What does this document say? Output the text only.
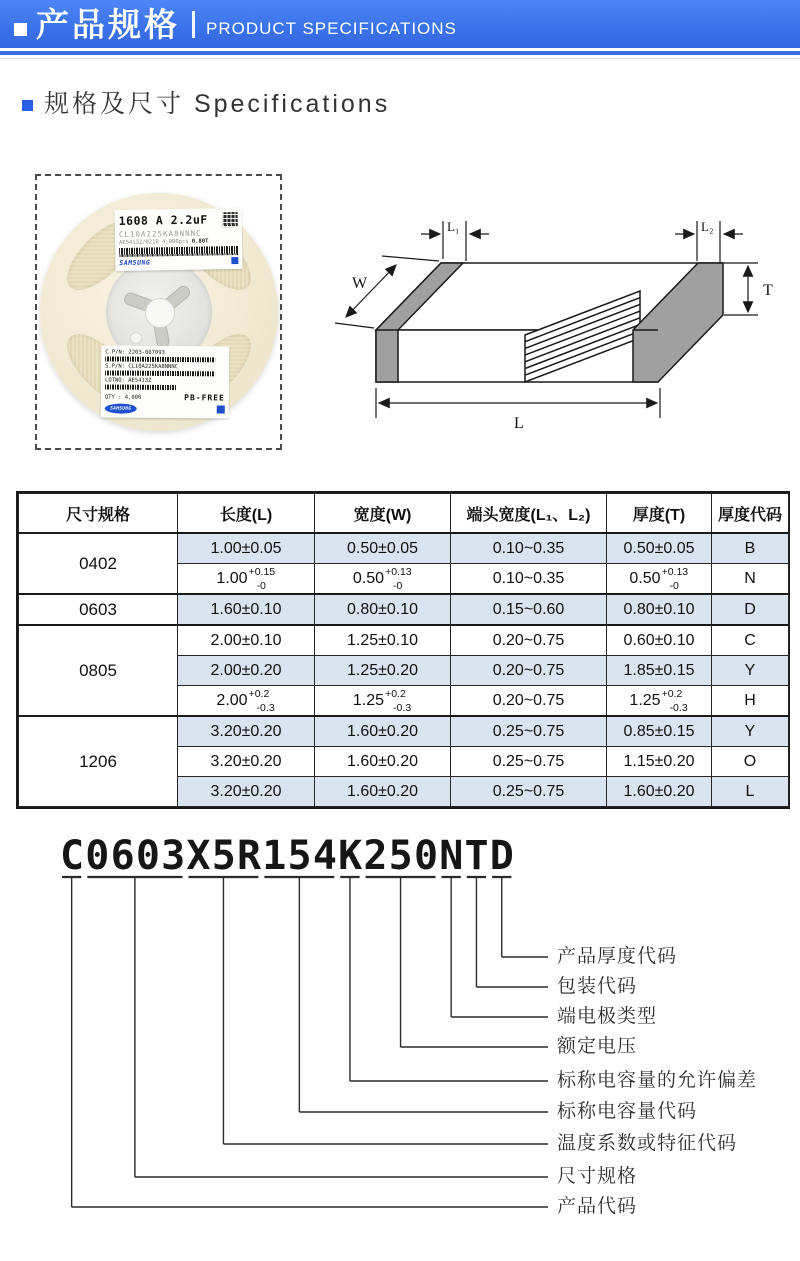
产品规格 PRODUCT SPECIFICATIONS
规格及尺寸 Specifications
1608 A 2.2uF
CL10A225KA8NNNC
AE5413Z/0210 4,000pcs 0.80T
SAMSUNG
C.P/N: 2203-007093
S.P/N: CL10A225KA8NNNC
LOTNO: AE5413Z
QTY : 4,000	PB-FREE
SAMSUNG
W
L₁	L₂
T
L
尺寸规格	长度(L)	宽度(W)	端头宽度(L₁、L₂)	厚度(T)	厚度代码
0402	1.00±0.05	0.50±0.05	0.10~0.35	0.50±0.05	B
	1.00 +0.15
-0	0.50 +0.13
-0	0.10~0.35	0.50 +0.13
-0	N
0603	1.60±0.10	0.80±0.10	0.15~0.60	0.80±0.10	D
0805	2.00±0.10	1.25±0.10	0.20~0.75	0.60±0.10	C
	2.00±0.20	1.25±0.20	0.20~0.75	1.85±0.15	Y
	2.00 +0.2
-0.3	1.25 +0.2
-0.3	0.20~0.75	1.25 +0.2
-0.3	H
1206	3.20±0.20	1.60±0.20	0.25~0.75	0.85±0.15	Y
	3.20±0.20	1.60±0.20	0.25~0.75	1.15±0.20	O
	3.20±0.20	1.60±0.20	0.25~0.75	1.60±0.20	L
C0603X5R154K250NTD
产品代码
尺寸规格
温度系数或特征代码
标称电容量代码
标称电容量的允许偏差
额定电压
端电极类型
包装代码
产品厚度代码
